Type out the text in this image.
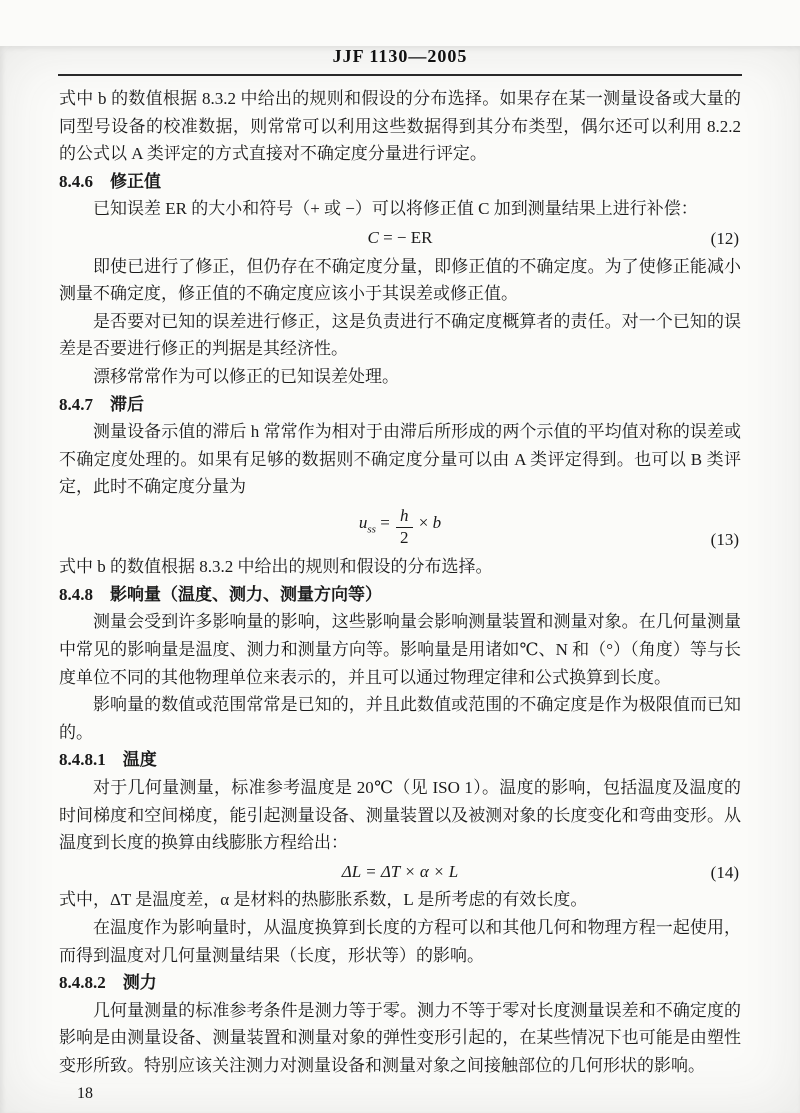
JJF 1130—2005

式中 b 的数值根据 8.3.2 中给出的规则和假设的分布选择。如果存在某一测量设备或大量的同型号设备的校准数据，则常常可以利用这些数据得到其分布类型，偶尔还可以利用 8.2.2 的公式以 A 类评定的方式直接对不确定度分量进行评定。

8.4.6　修正值

已知误差 ER 的大小和符号（+ 或 −）可以将修正值 C 加到测量结果上进行补偿：

C = − ER	(12)

即使已进行了修正，但仍存在不确定度分量，即修正值的不确定度。为了使修正能减小测量不确定度，修正值的不确定度应该小于其误差或修正值。

是否要对已知的误差进行修正，这是负责进行不确定度概算者的责任。对一个已知的误差是否要进行修正的判据是其经济性。

漂移常常作为可以修正的已知误差处理。

8.4.7　滞后

测量设备示值的滞后 h 常常作为相对于由滞后所形成的两个示值的平均值对称的误差或不确定度处理的。如果有足够的数据则不确定度分量可以由 A 类评定得到。也可以 B 类评定，此时不确定度分量为

$u_{ss} = \frac{h}{2} \times b$
(13)

式中 b 的数值根据 8.3.2 中给出的规则和假设的分布选择。

8.4.8　影响量（温度、测力、测量方向等）

测量会受到许多影响量的影响，这些影响量会影响测量装置和测量对象。在几何量测量中常见的影响量是温度、测力和测量方向等。影响量是用诸如℃、N 和（°）（角度）等与长度单位不同的其他物理单位来表示的，并且可以通过物理定律和公式换算到长度。

影响量的数值或范围常常是已知的，并且此数值或范围的不确定度是作为极限值而已知的。

8.4.8.1　温度

对于几何量测量，标准参考温度是 20℃（见 ISO 1）。温度的影响，包括温度及温度的时间梯度和空间梯度，能引起测量设备、测量装置以及被测对象的长度变化和弯曲变形。从温度到长度的换算由线膨胀方程给出：

ΔL = ΔT × α × L	(14)

式中，ΔT 是温度差，α 是材料的热膨胀系数，L 是所考虑的有效长度。

在温度作为影响量时，从温度换算到长度的方程可以和其他几何和物理方程一起使用，而得到温度对几何量测量结果（长度，形状等）的影响。

8.4.8.2　测力

几何量测量的标准参考条件是测力等于零。测力不等于零对长度测量误差和不确定度的影响是由测量设备、测量装置和测量对象的弹性变形引起的，在某些情况下也可能是由塑性变形所致。特别应该关注测力对测量设备和测量对象之间接触部位的几何形状的影响。

18
